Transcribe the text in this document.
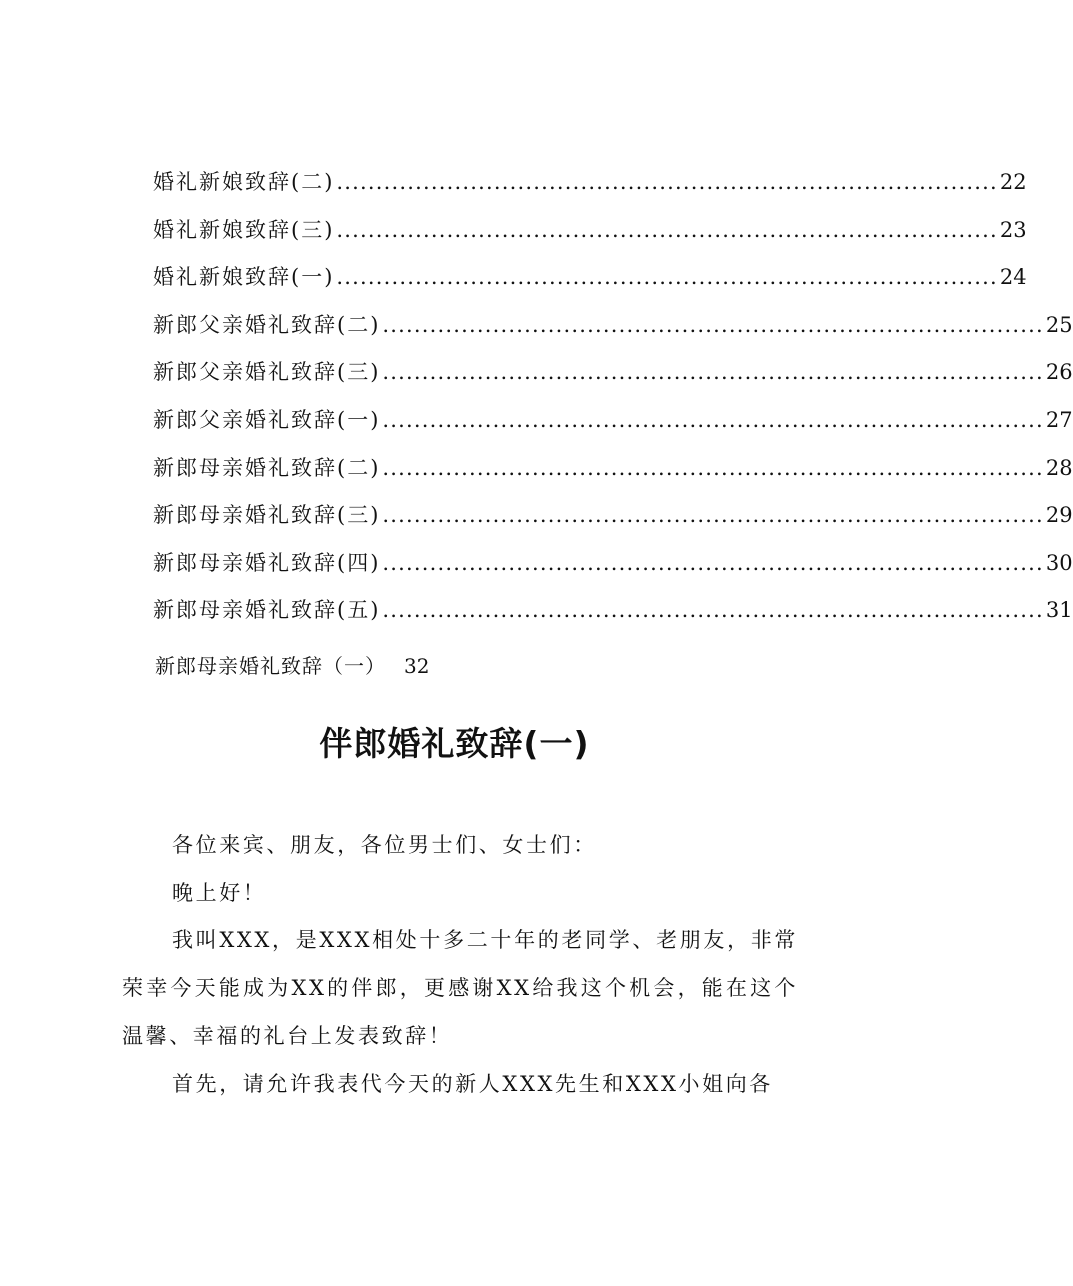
婚礼新娘致辞(二) .................................................................................... 22
婚礼新娘致辞(三) .................................................................................... 23
婚礼新娘致辞(一) .................................................................................... 24
新郎父亲婚礼致辞(二) .................................................................................... 25
新郎父亲婚礼致辞(三) .................................................................................... 26
新郎父亲婚礼致辞(一) .................................................................................... 27
新郎母亲婚礼致辞(二) .................................................................................... 28
新郎母亲婚礼致辞(三) .................................................................................... 29
新郎母亲婚礼致辞(四) .................................................................................... 30
新郎母亲婚礼致辞(五) .................................................................................... 31
新郎母亲婚礼致辞（一） 32
伴郎婚礼致辞(一)

各位来宾、朋友，各位男士们、女士们：

晚上好！

我叫XXX，是XXX相处十多二十年的老同学、老朋友，非常荣幸今天能成为XX的伴郎，更感谢XX给我这个机会，能在这个温馨、幸福的礼台上发表致辞！

首先，请允许我表代今天的新人XXX先生和XXX小姐向各
